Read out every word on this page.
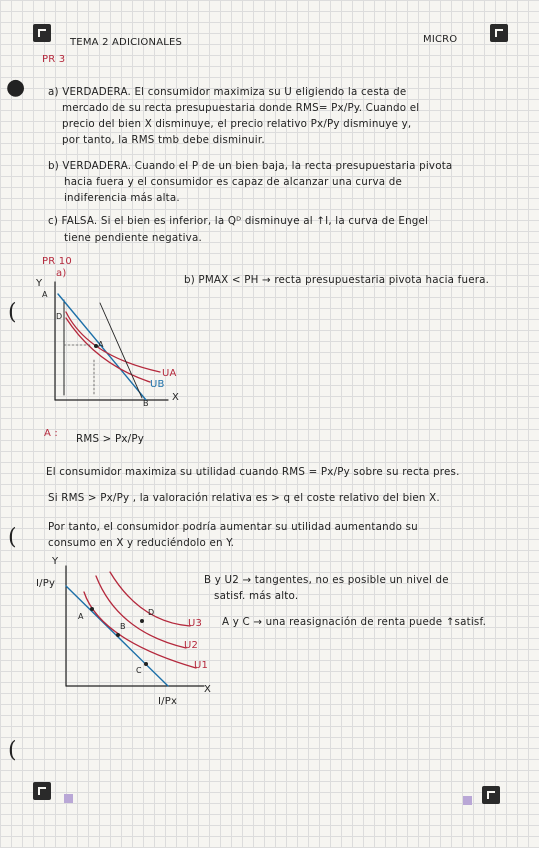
●
(
(
(
TEMA 2 ADICIONALES	MICRO
PR 3
a) VERDADERA. El consumidor maximiza su U eligiendo la cesta de
mercado de su recta presupuestaria donde RMS= Px/Py. Cuando el
precio del bien X disminuye, el precio relativo Px/Py disminuye y,
por tanto, la RMS tmb debe disminuir.
b) VERDADERA. Cuando el P de un bien baja, la recta presupuestaria pivota
hacia fuera y el consumidor es capaz de alcanzar una curva de
indiferencia más alta.
c) FALSA. Si el bien es inferior, la Qᴰ disminuye al ↑I, la curva de Engel
tiene pendiente negativa.
PR 10
a)
b) PMAX < PH → recta presupuestaria pivota hacia fuera.
Y
A
D
A
B
X
UA
UB
A : RMS > Px/Py
El consumidor maximiza su utilidad cuando RMS = Px/Py sobre su recta pres.
Si RMS > Px/Py , la valoración relativa es > q el coste relativo del bien X.
Por tanto, el consumidor podría aumentar su utilidad aumentando su
consumo en X y reduciéndolo en Y.
Y
I/Py
A
B
C
D
U3
U2
U1
X
I/Px
B y U2 → tangentes, no es posible un nivel de
satisf. más alto.
A y C → una reasignación de renta puede ↑satisf.
